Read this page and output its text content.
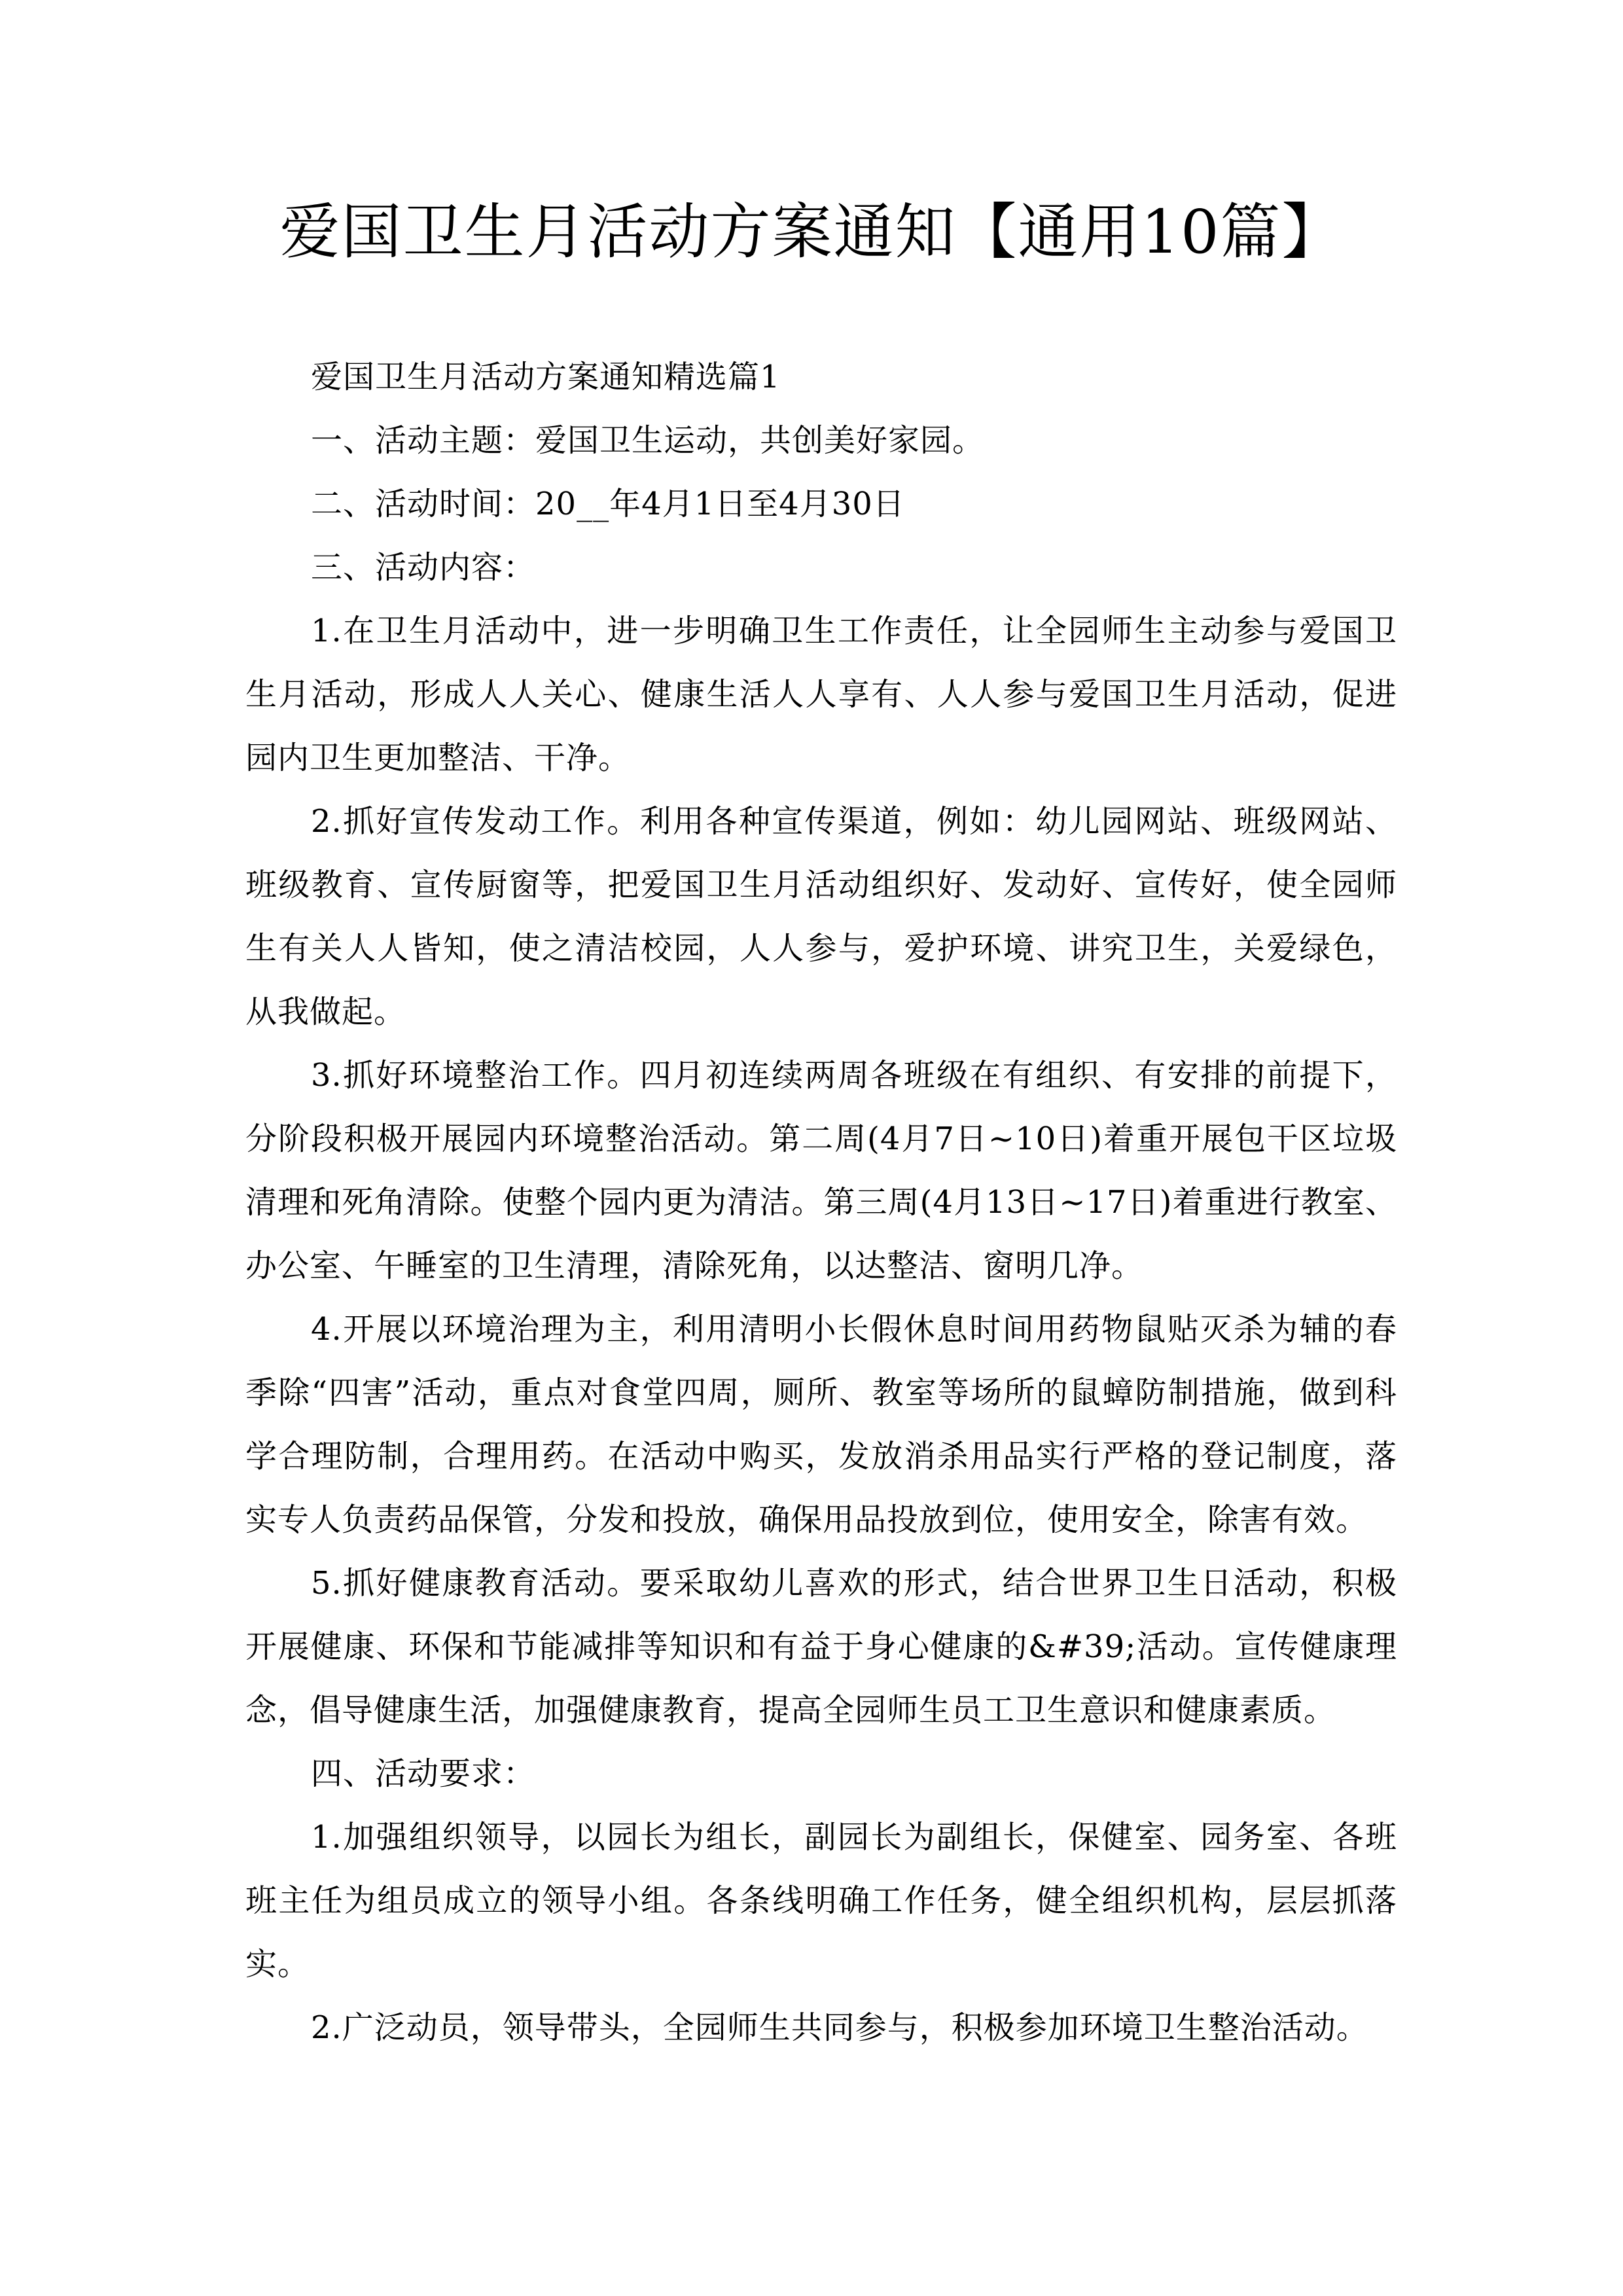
爱国卫生月活动方案通知【通用10篇】

爱国卫生月活动方案通知精选篇1

一、活动主题：爱国卫生运动，共创美好家园。

二、活动时间：20__年4月1日至4月30日

三、活动内容：

1.在卫生月活动中，进一步明确卫生工作责任，让全园师生主动参与爱国卫生月活动，形成人人关心、健康生活人人享有、人人参与爱国卫生月活动，促进园内卫生更加整洁、干净。

2.抓好宣传发动工作。利用各种宣传渠道，例如：幼儿园网站、班级网站、班级教育、宣传厨窗等，把爱国卫生月活动组织好、发动好、宣传好，使全园师生有关人人皆知，使之清洁校园，人人参与，爱护环境、讲究卫生，关爱绿色，从我做起。

3.抓好环境整治工作。四月初连续两周各班级在有组织、有安排的前提下，分阶段积极开展园内环境整治活动。第二周(4月7日~10日)着重开展包干区垃圾清理和死角清除。使整个园内更为清洁。第三周(4月13日~17日)着重进行教室、办公室、午睡室的卫生清理，清除死角，以达整洁、窗明几净。

4.开展以环境治理为主，利用清明小长假休息时间用药物鼠贴灭杀为辅的春季除“四害”活动，重点对食堂四周，厕所、教室等场所的鼠蟑防制措施，做到科学合理防制，合理用药。在活动中购买，发放消杀用品实行严格的登记制度，落实专人负责药品保管，分发和投放，确保用品投放到位，使用安全，除害有效。

5.抓好健康教育活动。要采取幼儿喜欢的形式，结合世界卫生日活动，积极开展健康、环保和节能减排等知识和有益于身心健康的&#39;活动。宣传健康理念，倡导健康生活，加强健康教育，提高全园师生员工卫生意识和健康素质。

四、活动要求：

1.加强组织领导，以园长为组长，副园长为副组长，保健室、园务室、各班班主任为组员成立的领导小组。各条线明确工作任务，健全组织机构，层层抓落实。

2.广泛动员，领导带头，全园师生共同参与，积极参加环境卫生整治活动。
